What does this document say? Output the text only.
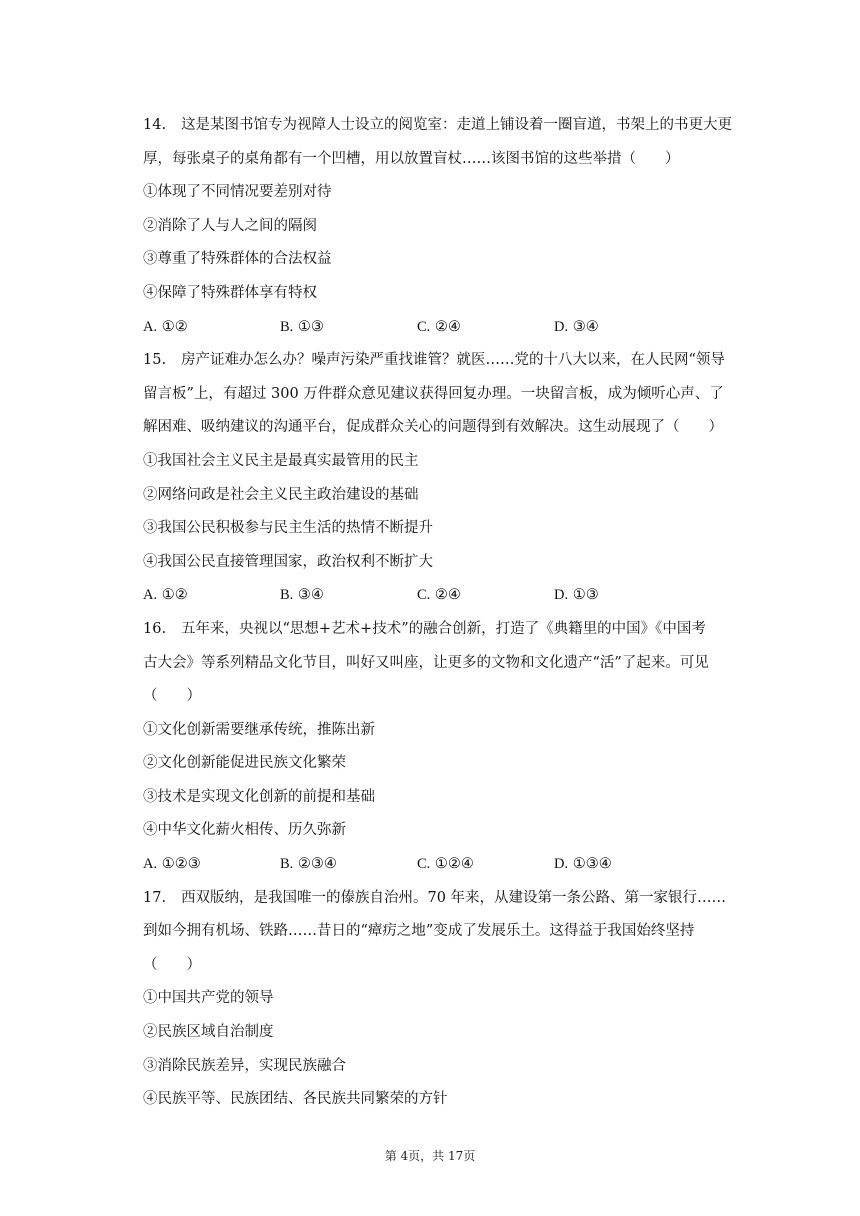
14. 这是某图书馆专为视障人士设立的阅览室：走道上铺设着一圈盲道，书架上的书更大更
厚，每张桌子的桌角都有一个凹槽，用以放置盲杖……该图书馆的这些举措（　　）
①体现了不同情况要差别对待
②消除了人与人之间的隔阂
③尊重了特殊群体的合法权益
④保障了特殊群体享有特权
A. ①②	B. ①③	C. ②④	D. ③④
15. 房产证难办怎么办？噪声污染严重找谁管？就医……党的十八大以来，在人民网“领导
留言板”上，有超过 300 万件群众意见建议获得回复办理。一块留言板，成为倾听心声、了
解困难、吸纳建议的沟通平台，促成群众关心的问题得到有效解决。这生动展现了（　　）
①我国社会主义民主是最真实最管用的民主
②网络问政是社会主义民主政治建设的基础
③我国公民积极参与民主生活的热情不断提升
④我国公民直接管理国家，政治权利不断扩大
A. ①②	B. ③④	C. ②④	D. ①③
16. 五年来，央视以“思想+艺术+技术”的融合创新，打造了《典籍里的中国》《中国考
古大会》等系列精品文化节目，叫好又叫座，让更多的文物和文化遗产“活”了起来。可见
（　　）
①文化创新需要继承传统，推陈出新
②文化创新能促进民族文化繁荣
③技术是实现文化创新的前提和基础
④中华文化薪火相传、历久弥新
A. ①②③	B. ②③④	C. ①②④	D. ①③④
17. 西双版纳，是我国唯一的傣族自治州。70 年来，从建设第一条公路、第一家银行……
到如今拥有机场、铁路……昔日的“瘴疠之地”变成了发展乐土。这得益于我国始终坚持
（　　）
①中国共产党的领导
②民族区域自治制度
③消除民族差异，实现民族融合
④民族平等、民族团结、各民族共同繁荣的方针
第 4页，共 17页
